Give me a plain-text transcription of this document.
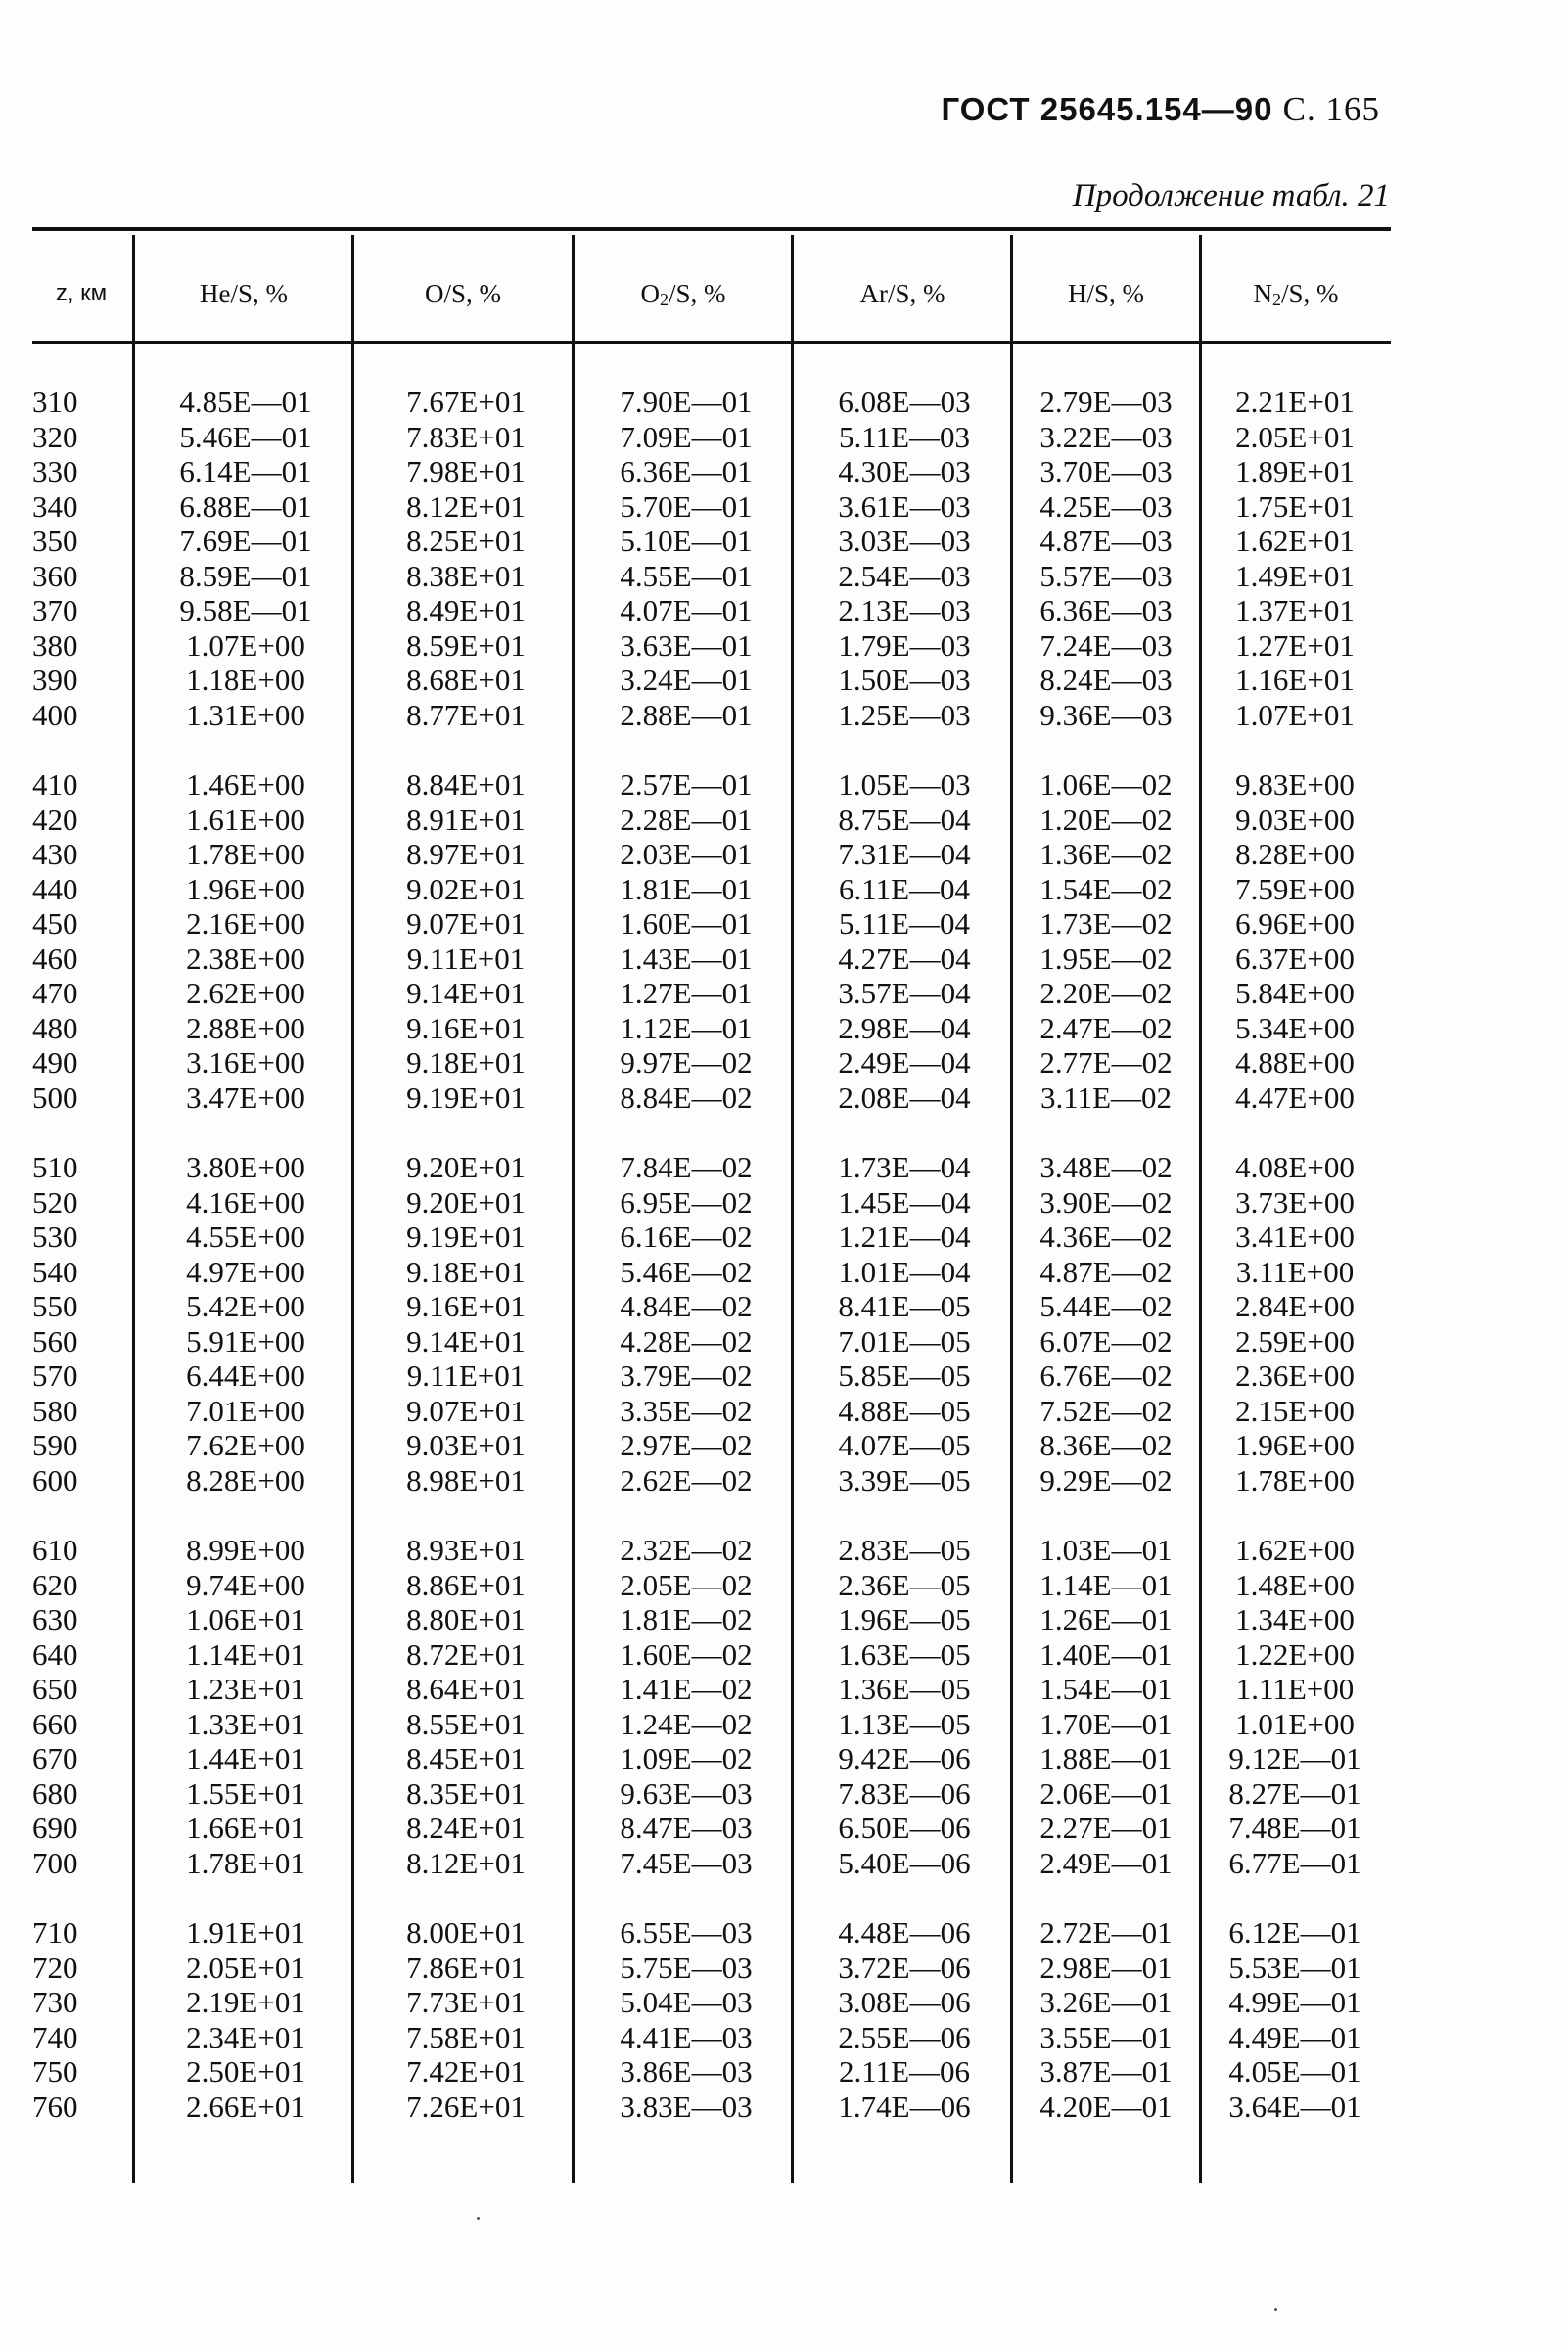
ГОСТ 25645.154—90 С. 165
Продолжение табл. 21
z, км	He/S, %	O/S, %	$O_2/S$, %	Ar/S, %	H/S, %	$N_2/S$, %
310	4.85E—01	7.67E+01	7.90E—01	6.08E—03	2.79E—03	2.21E+01
320	5.46E—01	7.83E+01	7.09E—01	5.11E—03	3.22E—03	2.05E+01
330	6.14E—01	7.98E+01	6.36E—01	4.30E—03	3.70E—03	1.89E+01
340	6.88E—01	8.12E+01	5.70E—01	3.61E—03	4.25E—03	1.75E+01
350	7.69E—01	8.25E+01	5.10E—01	3.03E—03	4.87E—03	1.62E+01
360	8.59E—01	8.38E+01	4.55E—01	2.54E—03	5.57E—03	1.49E+01
370	9.58E—01	8.49E+01	4.07E—01	2.13E—03	6.36E—03	1.37E+01
380	1.07E+00	8.59E+01	3.63E—01	1.79E—03	7.24E—03	1.27E+01
390	1.18E+00	8.68E+01	3.24E—01	1.50E—03	8.24E—03	1.16E+01
400	1.31E+00	8.77E+01	2.88E—01	1.25E—03	9.36E—03	1.07E+01
410	1.46E+00	8.84E+01	2.57E—01	1.05E—03	1.06E—02	9.83E+00
420	1.61E+00	8.91E+01	2.28E—01	8.75E—04	1.20E—02	9.03E+00
430	1.78E+00	8.97E+01	2.03E—01	7.31E—04	1.36E—02	8.28E+00
440	1.96E+00	9.02E+01	1.81E—01	6.11E—04	1.54E—02	7.59E+00
450	2.16E+00	9.07E+01	1.60E—01	5.11E—04	1.73E—02	6.96E+00
460	2.38E+00	9.11E+01	1.43E—01	4.27E—04	1.95E—02	6.37E+00
470	2.62E+00	9.14E+01	1.27E—01	3.57E—04	2.20E—02	5.84E+00
480	2.88E+00	9.16E+01	1.12E—01	2.98E—04	2.47E—02	5.34E+00
490	3.16E+00	9.18E+01	9.97E—02	2.49E—04	2.77E—02	4.88E+00
500	3.47E+00	9.19E+01	8.84E—02	2.08E—04	3.11E—02	4.47E+00
510	3.80E+00	9.20E+01	7.84E—02	1.73E—04	3.48E—02	4.08E+00
520	4.16E+00	9.20E+01	6.95E—02	1.45E—04	3.90E—02	3.73E+00
530	4.55E+00	9.19E+01	6.16E—02	1.21E—04	4.36E—02	3.41E+00
540	4.97E+00	9.18E+01	5.46E—02	1.01E—04	4.87E—02	3.11E+00
550	5.42E+00	9.16E+01	4.84E—02	8.41E—05	5.44E—02	2.84E+00
560	5.91E+00	9.14E+01	4.28E—02	7.01E—05	6.07E—02	2.59E+00
570	6.44E+00	9.11E+01	3.79E—02	5.85E—05	6.76E—02	2.36E+00
580	7.01E+00	9.07E+01	3.35E—02	4.88E—05	7.52E—02	2.15E+00
590	7.62E+00	9.03E+01	2.97E—02	4.07E—05	8.36E—02	1.96E+00
600	8.28E+00	8.98E+01	2.62E—02	3.39E—05	9.29E—02	1.78E+00
610	8.99E+00	8.93E+01	2.32E—02	2.83E—05	1.03E—01	1.62E+00
620	9.74E+00	8.86E+01	2.05E—02	2.36E—05	1.14E—01	1.48E+00
630	1.06E+01	8.80E+01	1.81E—02	1.96E—05	1.26E—01	1.34E+00
640	1.14E+01	8.72E+01	1.60E—02	1.63E—05	1.40E—01	1.22E+00
650	1.23E+01	8.64E+01	1.41E—02	1.36E—05	1.54E—01	1.11E+00
660	1.33E+01	8.55E+01	1.24E—02	1.13E—05	1.70E—01	1.01E+00
670	1.44E+01	8.45E+01	1.09E—02	9.42E—06	1.88E—01	9.12E—01
680	1.55E+01	8.35E+01	9.63E—03	7.83E—06	2.06E—01	8.27E—01
690	1.66E+01	8.24E+01	8.47E—03	6.50E—06	2.27E—01	7.48E—01
700	1.78E+01	8.12E+01	7.45E—03	5.40E—06	2.49E—01	6.77E—01
710	1.91E+01	8.00E+01	6.55E—03	4.48E—06	2.72E—01	6.12E—01
720	2.05E+01	7.86E+01	5.75E—03	3.72E—06	2.98E—01	5.53E—01
730	2.19E+01	7.73E+01	5.04E—03	3.08E—06	3.26E—01	4.99E—01
740	2.34E+01	7.58E+01	4.41E—03	2.55E—06	3.55E—01	4.49E—01
750	2.50E+01	7.42E+01	3.86E—03	2.11E—06	3.87E—01	4.05E—01
760	2.66E+01	7.26E+01	3.83E—03	1.74E—06	4.20E—01	3.64E—01
